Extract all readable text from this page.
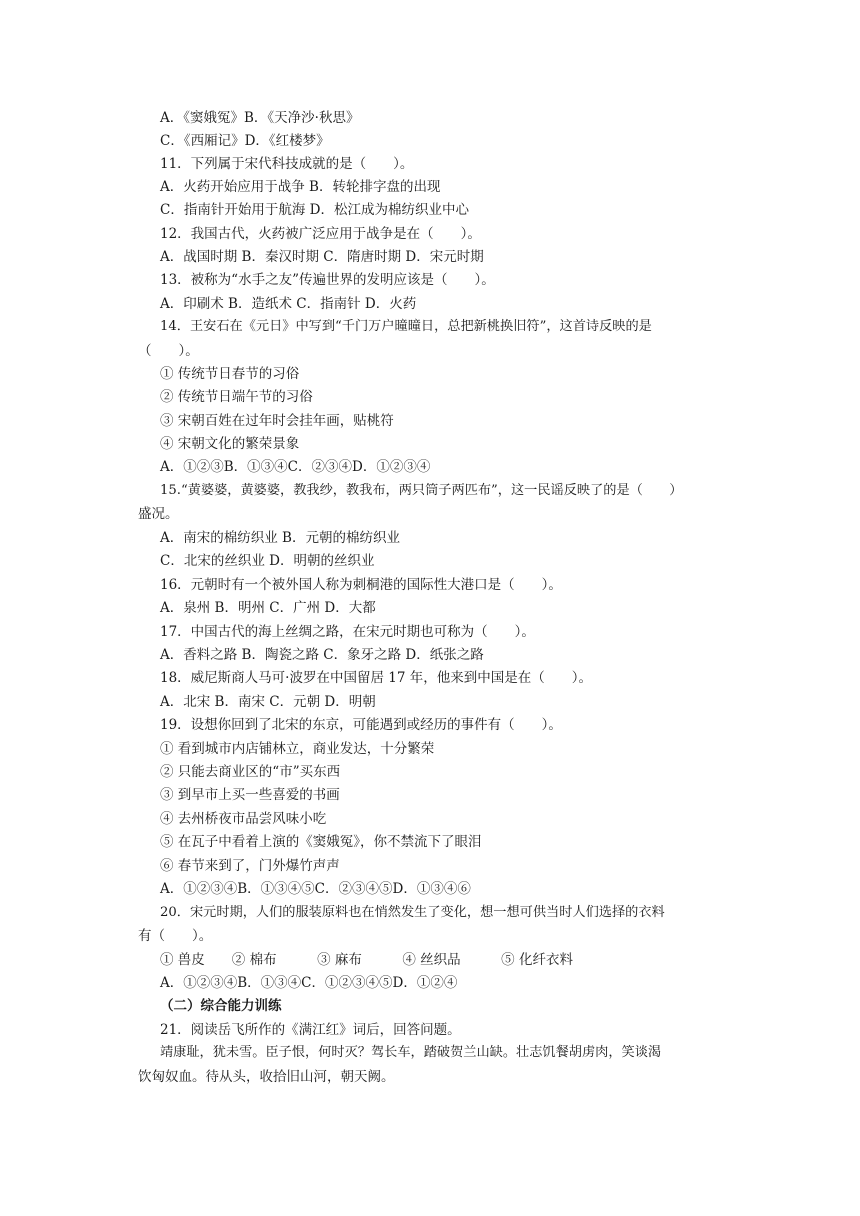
A．《窦娥冤》B．《天净沙·秋思》
C．《西厢记》D．《红楼梦》
11．下列属于宋代科技成就的是（　　）。
A．火药开始应用于战争 B．转轮排字盘的出现
C．指南针开始用于航海 D．松江成为棉纺织业中心
12．我国古代，火药被广泛应用于战争是在（　　）。
A．战国时期 B．秦汉时期 C．隋唐时期 D．宋元时期
13．被称为“水手之友”传遍世界的发明应该是（　　）。
A．印刷术 B．造纸术 C．指南针 D．火药
14．王安石在《元日》中写到“千门万户曈曈日，总把新桃换旧符”，这首诗反映的是
（　　）。
① 传统节日春节的习俗
② 传统节日端午节的习俗
③ 宋朝百姓在过年时会挂年画，贴桃符
④ 宋朝文化的繁荣景象
A．①②③B．①③④C．②③④D．①②③④
15.“黄婆婆，黄婆婆，教我纱，教我布，两只筒子两匹布”，这一民谣反映了的是（　　）
盛况。
A．南宋的棉纺织业 B．元朝的棉纺织业
C．北宋的丝织业 D．明朝的丝织业
16．元朝时有一个被外国人称为刺桐港的国际性大港口是（　　）。
A．泉州 B．明州 C．广州 D．大都
17．中国古代的海上丝绸之路，在宋元时期也可称为（　　）。
A．香料之路 B．陶瓷之路 C．象牙之路 D．纸张之路
18．威尼斯商人马可·波罗在中国留居 17 年，他来到中国是在（　　）。
A．北宋 B．南宋 C．元朝 D．明朝
19．设想你回到了北宋的东京，可能遇到或经历的事件有（　　）。
① 看到城市内店铺林立，商业发达，十分繁荣
② 只能去商业区的“市”买东西
③ 到早市上买一些喜爱的书画
④ 去州桥夜市品尝风味小吃
⑤ 在瓦子中看着上演的《窦娥冤》，你不禁流下了眼泪
⑥ 春节来到了，门外爆竹声声
A．①②③④B．①③④⑤C．②③④⑤D．①③④⑥
20．宋元时期，人们的服装原料也在悄然发生了变化，想一想可供当时人们选择的衣料
有（　　）。
① 兽皮　　② 棉布　　　③ 麻布　　　④ 丝织品　　　⑤ 化纤衣料
A．①②③④B．①③④C．①②③④⑤D．①②④
（二）综合能力训练
21．阅读岳飞所作的《满江红》词后，回答问题。
靖康耻，犹未雪。臣子恨，何时灭？驾长车，踏破贺兰山缺。壮志饥餐胡虏肉，笑谈渴
饮匈奴血。待从头，收拾旧山河，朝天阙。
